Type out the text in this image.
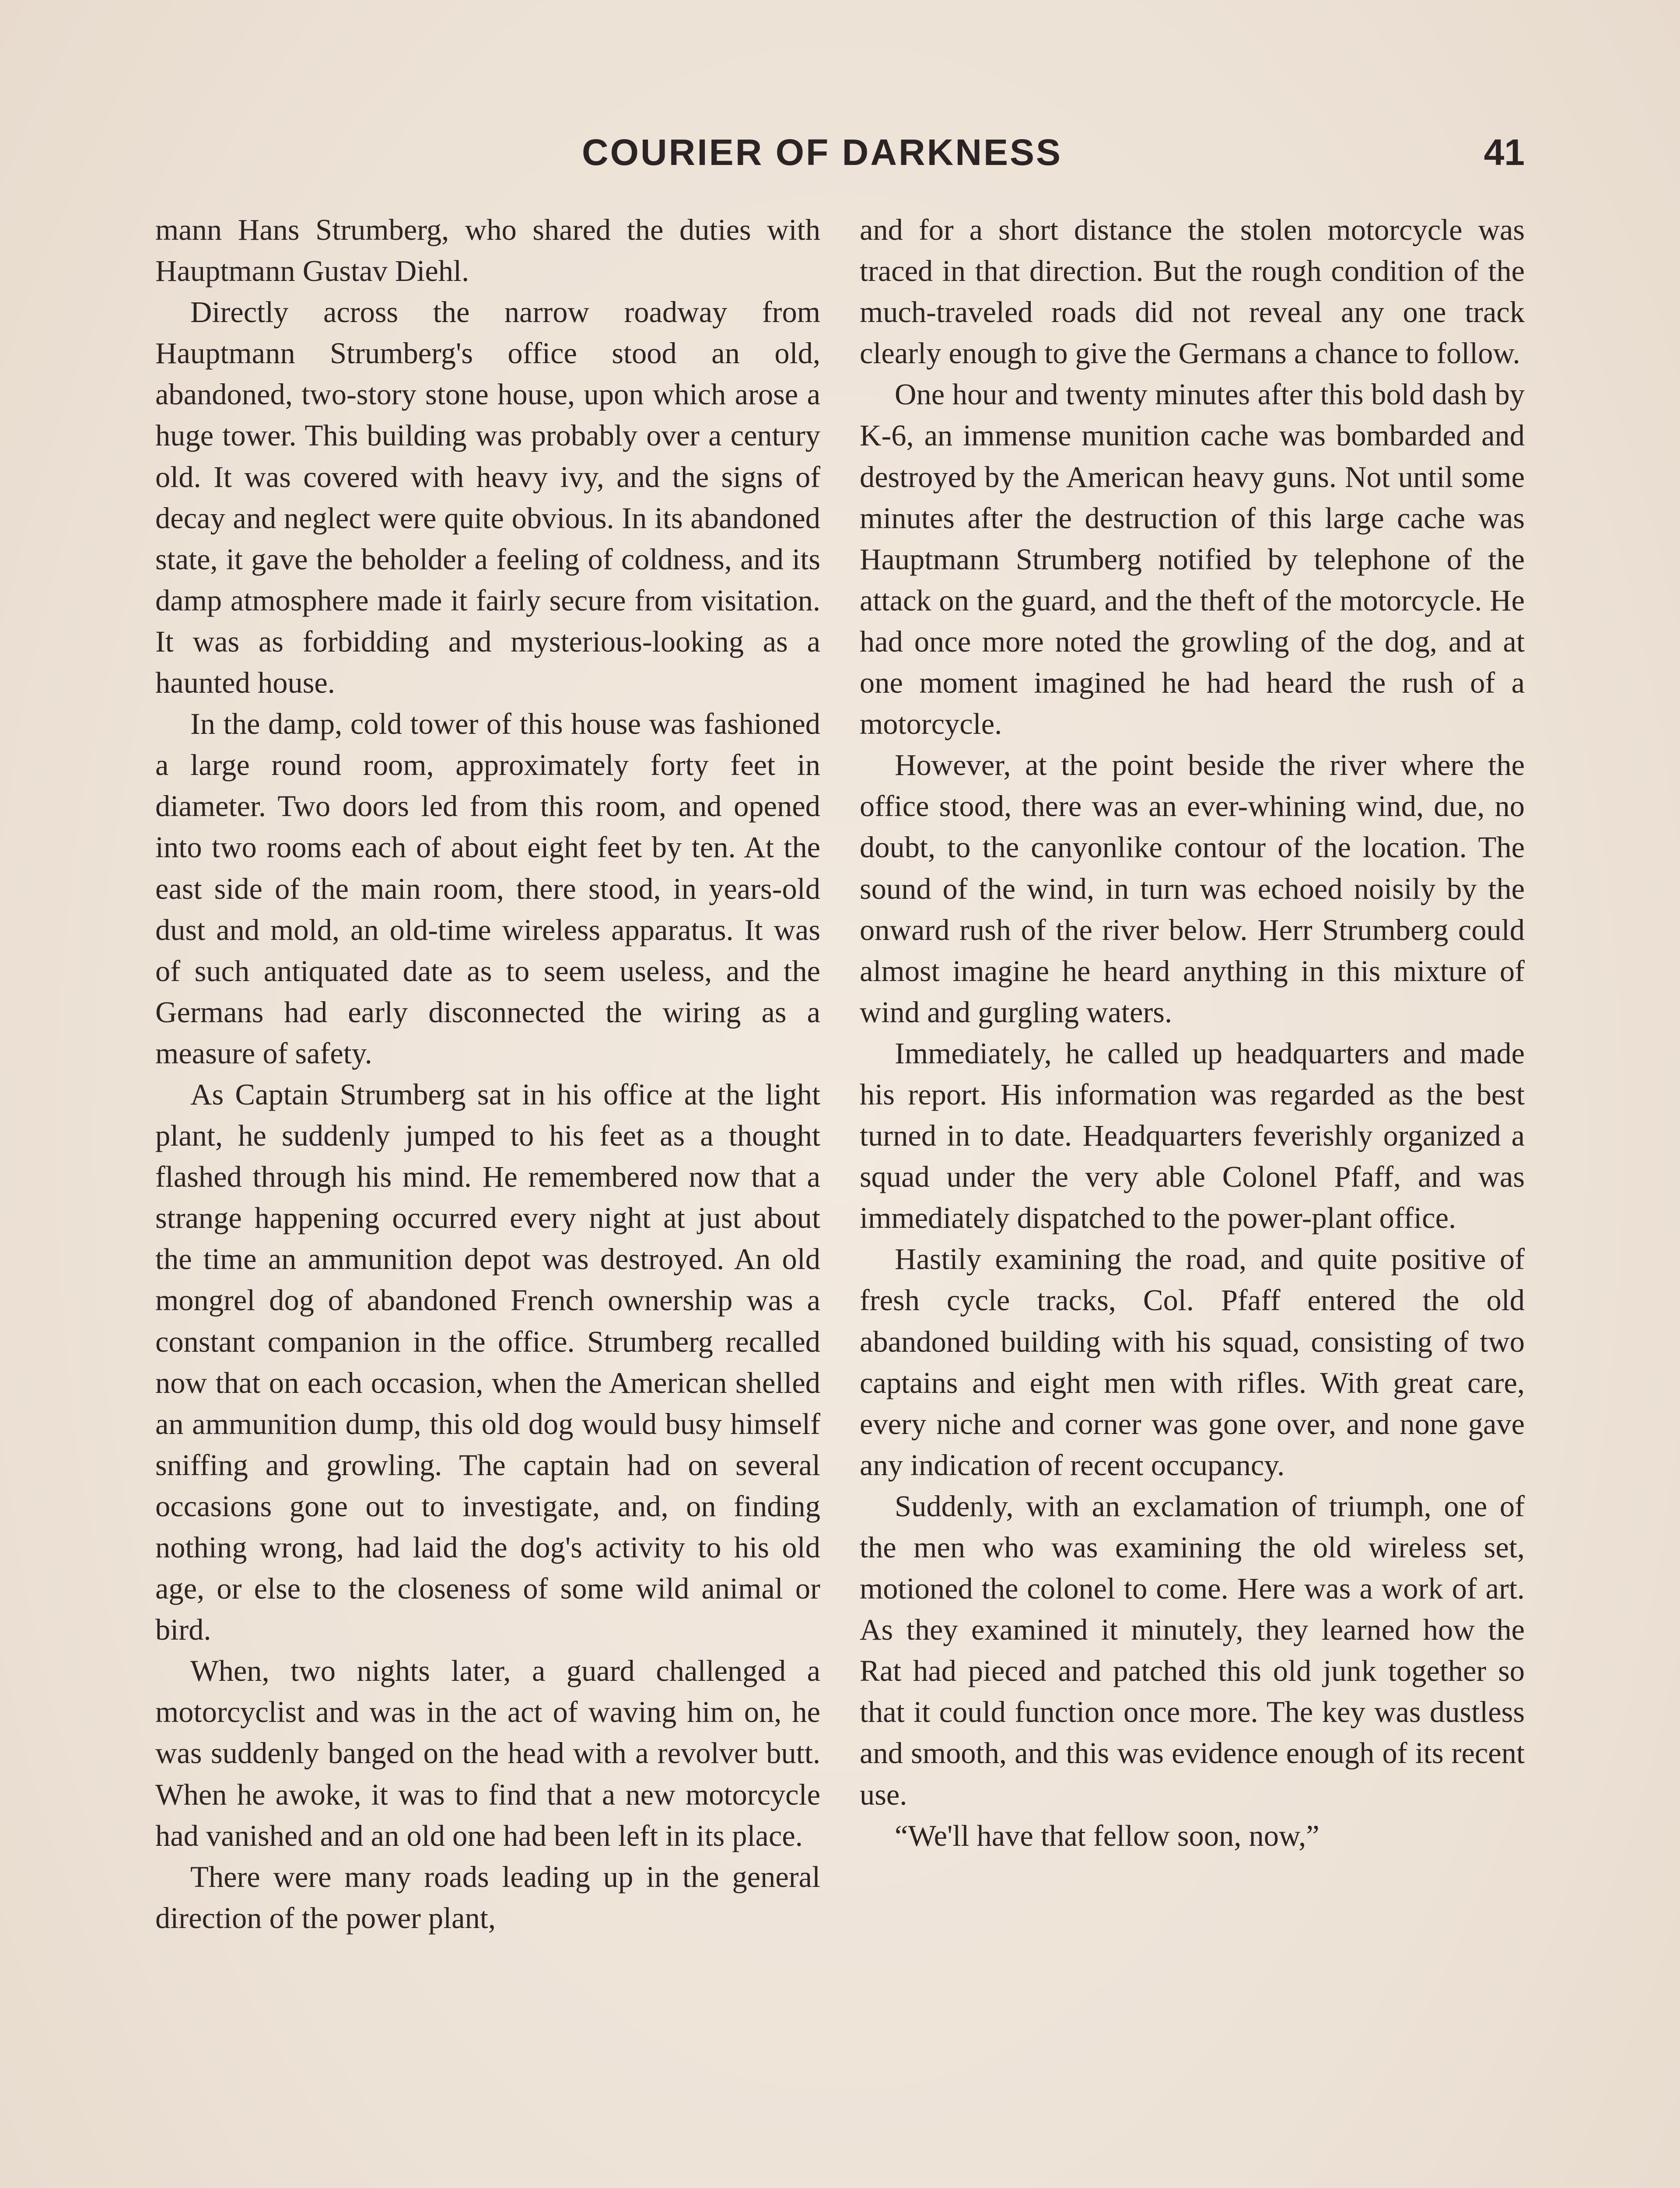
COURIER OF DARKNESS	41

mann Hans Strumberg, who shared the duties with Hauptmann Gustav Diehl.

Directly across the narrow roadway from Hauptmann Strumberg's office stood an old, abandoned, two-story stone house, upon which arose a huge tower. This building was probably over a century old. It was covered with heavy ivy, and the signs of decay and neglect were quite obvious. In its abandoned state, it gave the beholder a feeling of coldness, and its damp atmosphere made it fairly secure from visitation. It was as forbidding and mysterious-looking as a haunted house.

In the damp, cold tower of this house was fashioned a large round room, approximately forty feet in diameter. Two doors led from this room, and opened into two rooms each of about eight feet by ten. At the east side of the main room, there stood, in years-old dust and mold, an old-time wireless apparatus. It was of such antiquated date as to seem useless, and the Germans had early disconnected the wiring as a measure of safety.

As Captain Strumberg sat in his office at the light plant, he suddenly jumped to his feet as a thought flashed through his mind. He remembered now that a strange happening occurred every night at just about the time an ammunition depot was destroyed. An old mongrel dog of abandoned French ownership was a constant companion in the office. Strumberg recalled now that on each occasion, when the American shelled an ammunition dump, this old dog would busy himself sniffing and growling. The captain had on several occasions gone out to investigate, and, on finding nothing wrong, had laid the dog's activity to his old age, or else to the closeness of some wild animal or bird.

When, two nights later, a guard challenged a motorcyclist and was in the act of waving him on, he was suddenly banged on the head with a revolver butt. When he awoke, it was to find that a new motorcycle had vanished and an old one had been left in its place.

There were many roads leading up in the general direction of the power plant,

and for a short distance the stolen motorcycle was traced in that direction. But the rough condition of the much-traveled roads did not reveal any one track clearly enough to give the Germans a chance to follow.

One hour and twenty minutes after this bold dash by K-6, an immense munition cache was bombarded and destroyed by the American heavy guns. Not until some minutes after the destruction of this large cache was Hauptmann Strumberg notified by telephone of the attack on the guard, and the theft of the motorcycle. He had once more noted the growling of the dog, and at one moment imagined he had heard the rush of a motorcycle.

However, at the point beside the river where the office stood, there was an ever-whining wind, due, no doubt, to the canyonlike contour of the location. The sound of the wind, in turn was echoed noisily by the onward rush of the river below. Herr Strumberg could almost imagine he heard anything in this mixture of wind and gurgling waters.

Immediately, he called up headquarters and made his report. His information was regarded as the best turned in to date. Headquarters feverishly organized a squad under the very able Colonel Pfaff, and was immediately dispatched to the power-plant office.

Hastily examining the road, and quite positive of fresh cycle tracks, Col. Pfaff entered the old abandoned building with his squad, consisting of two captains and eight men with rifles. With great care, every niche and corner was gone over, and none gave any indication of recent occupancy.

Suddenly, with an exclamation of triumph, one of the men who was examining the old wireless set, motioned the colonel to come. Here was a work of art. As they examined it minutely, they learned how the Rat had pieced and patched this old junk together so that it could function once more. The key was dustless and smooth, and this was evidence enough of its recent use.

“We'll have that fellow soon, now,”
